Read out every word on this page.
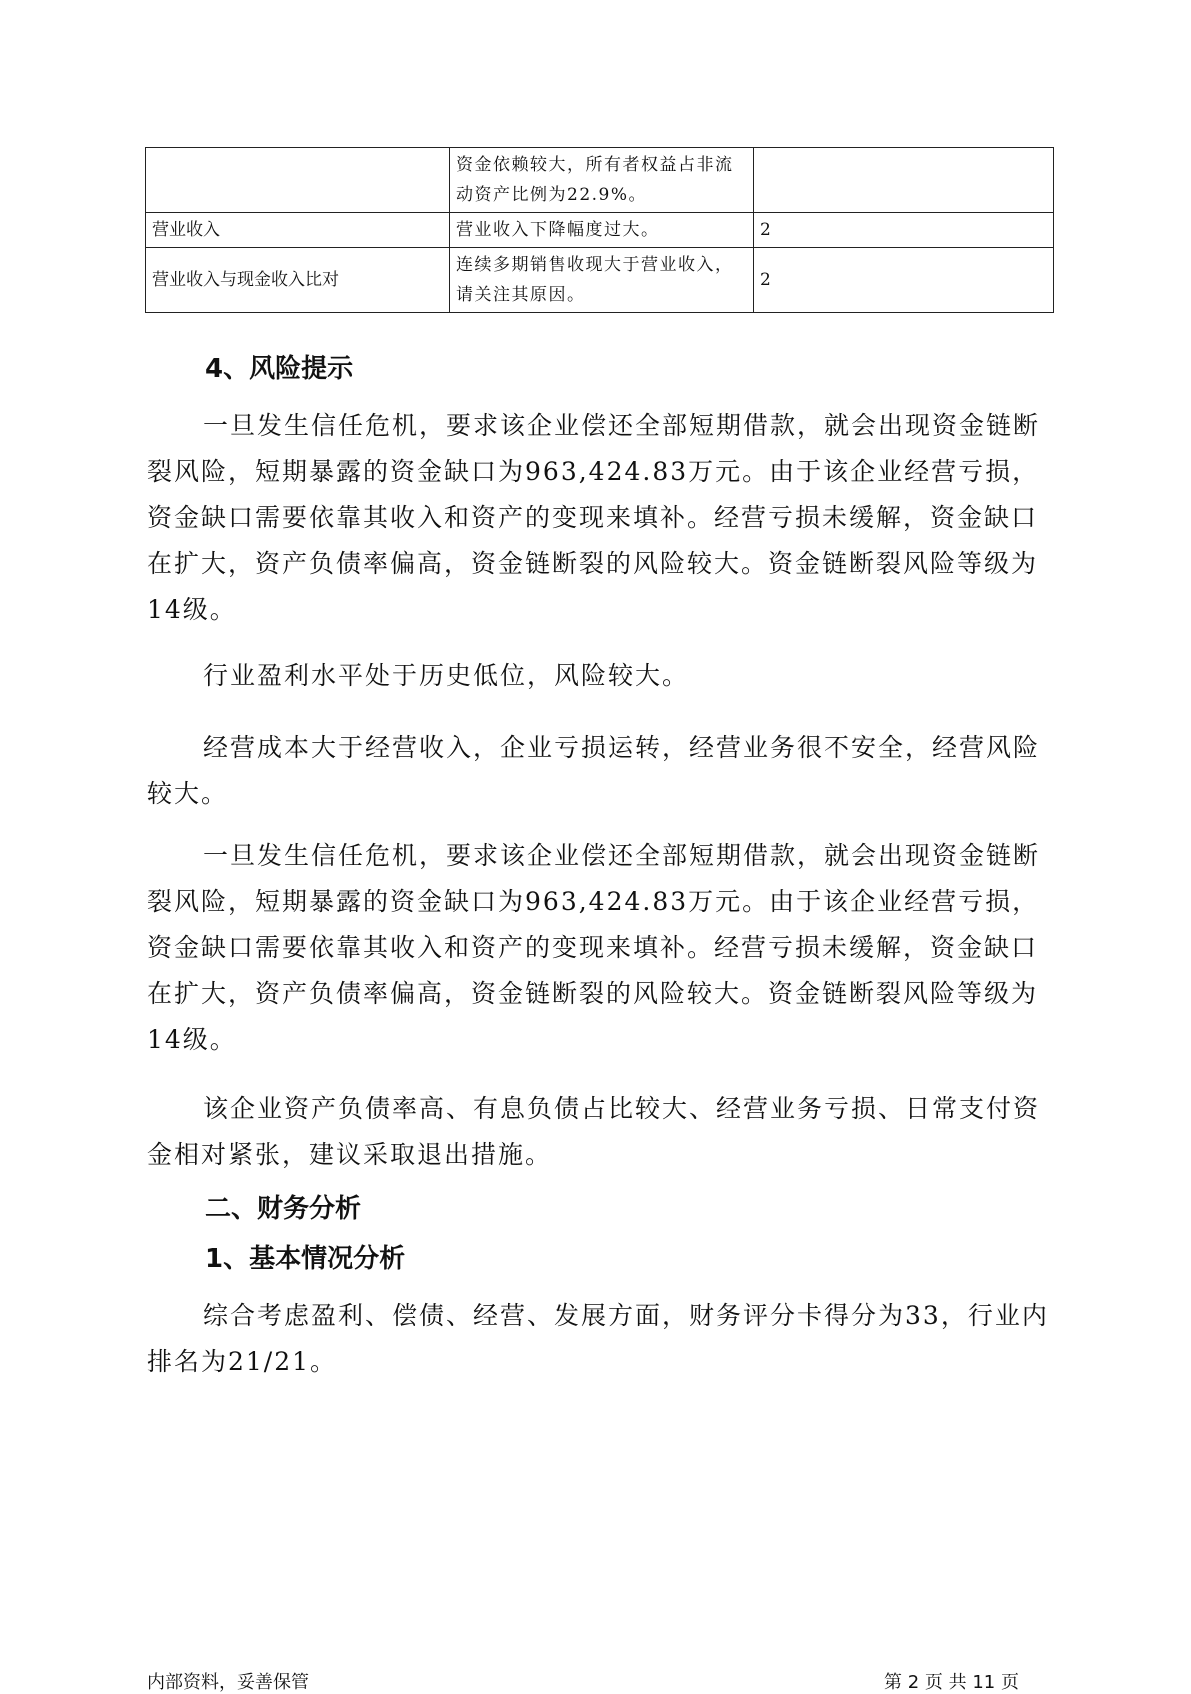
	资金依赖较大，所有者权益占非流动资产比例为22.9%。	
营业收入	营业收入下降幅度过大。	2
营业收入与现金收入比对	连续多期销售收现大于营业收入，请关注其原因。	2
4、风险提示

一旦发生信任危机，要求该企业偿还全部短期借款，就会出现资金链断裂风险，短期暴露的资金缺口为963,424.83万元。由于该企业经营亏损，资金缺口需要依靠其收入和资产的变现来填补。经营亏损未缓解，资金缺口在扩大，资产负债率偏高，资金链断裂的风险较大。资金链断裂风险等级为14级。

行业盈利水平处于历史低位，风险较大。

经营成本大于经营收入，企业亏损运转，经营业务很不安全，经营风险较大。

一旦发生信任危机，要求该企业偿还全部短期借款，就会出现资金链断裂风险，短期暴露的资金缺口为963,424.83万元。由于该企业经营亏损，资金缺口需要依靠其收入和资产的变现来填补。经营亏损未缓解，资金缺口在扩大，资产负债率偏高，资金链断裂的风险较大。资金链断裂风险等级为14级。

该企业资产负债率高、有息负债占比较大、经营业务亏损、日常支付资金相对紧张，建议采取退出措施。

二、财务分析
1、基本情况分析

综合考虑盈利、偿债、经营、发展方面，财务评分卡得分为33，行业内排名为21/21。

内部资料，妥善保管	第 2 页 共 11 页
